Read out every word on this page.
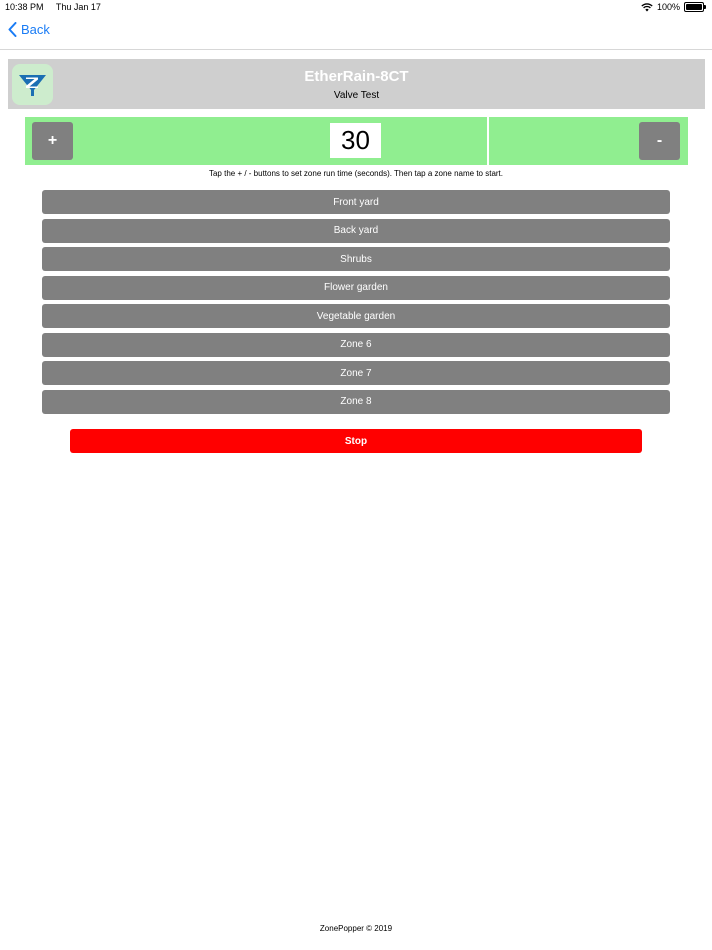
10:38 PM Thu Jan 17	100%
Back
EtherRain-8CT
Valve Test
+	30	-
Tap the + / - buttons to set zone run time (seconds). Then tap a zone name to start.
Front yard
Back yard
Shrubs
Flower garden
Vegetable garden
Zone 6
Zone 7
Zone 8
Stop
ZonePopper © 2019
